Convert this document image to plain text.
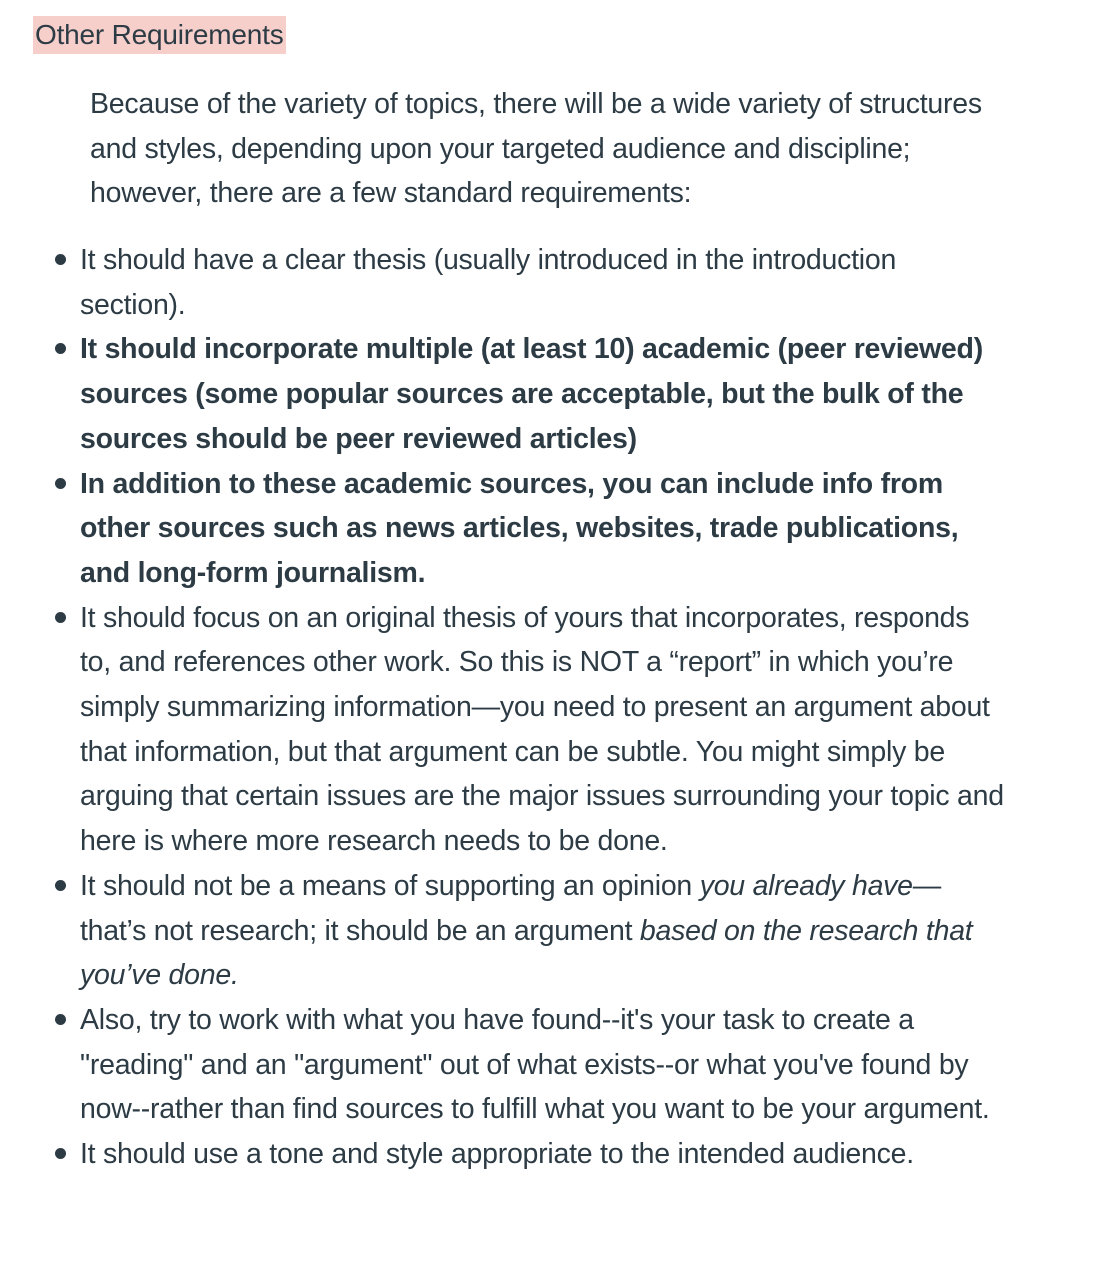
Other Requirements

Because of the variety of topics, there will be a wide variety of structures and styles, depending upon your targeted audience and discipline; however, there are a few standard requirements:

It should have a clear thesis (usually introduced in the introduction section).
It should incorporate multiple (at least 10) academic (peer reviewed) sources (some popular sources are acceptable, but the bulk of the sources should be peer reviewed articles)
In addition to these academic sources, you can include info from other sources such as news articles, websites, trade publications, and long-form journalism.
It should focus on an original thesis of yours that incorporates, responds to, and references other work. So this is NOT a “report” in which you’re simply summarizing information—you need to present an argument about that information, but that argument can be subtle. You might simply be arguing that certain issues are the major issues surrounding your topic and here is where more research needs to be done.
It should not be a means of supporting an opinion you already have—that’s not research; it should be an argument based on the research that you’ve done.
Also, try to work with what you have found--it's your task to create a "reading" and an "argument" out of what exists--or what you've found by now--rather than find sources to fulfill what you want to be your argument.
It should use a tone and style appropriate to the intended audience.
